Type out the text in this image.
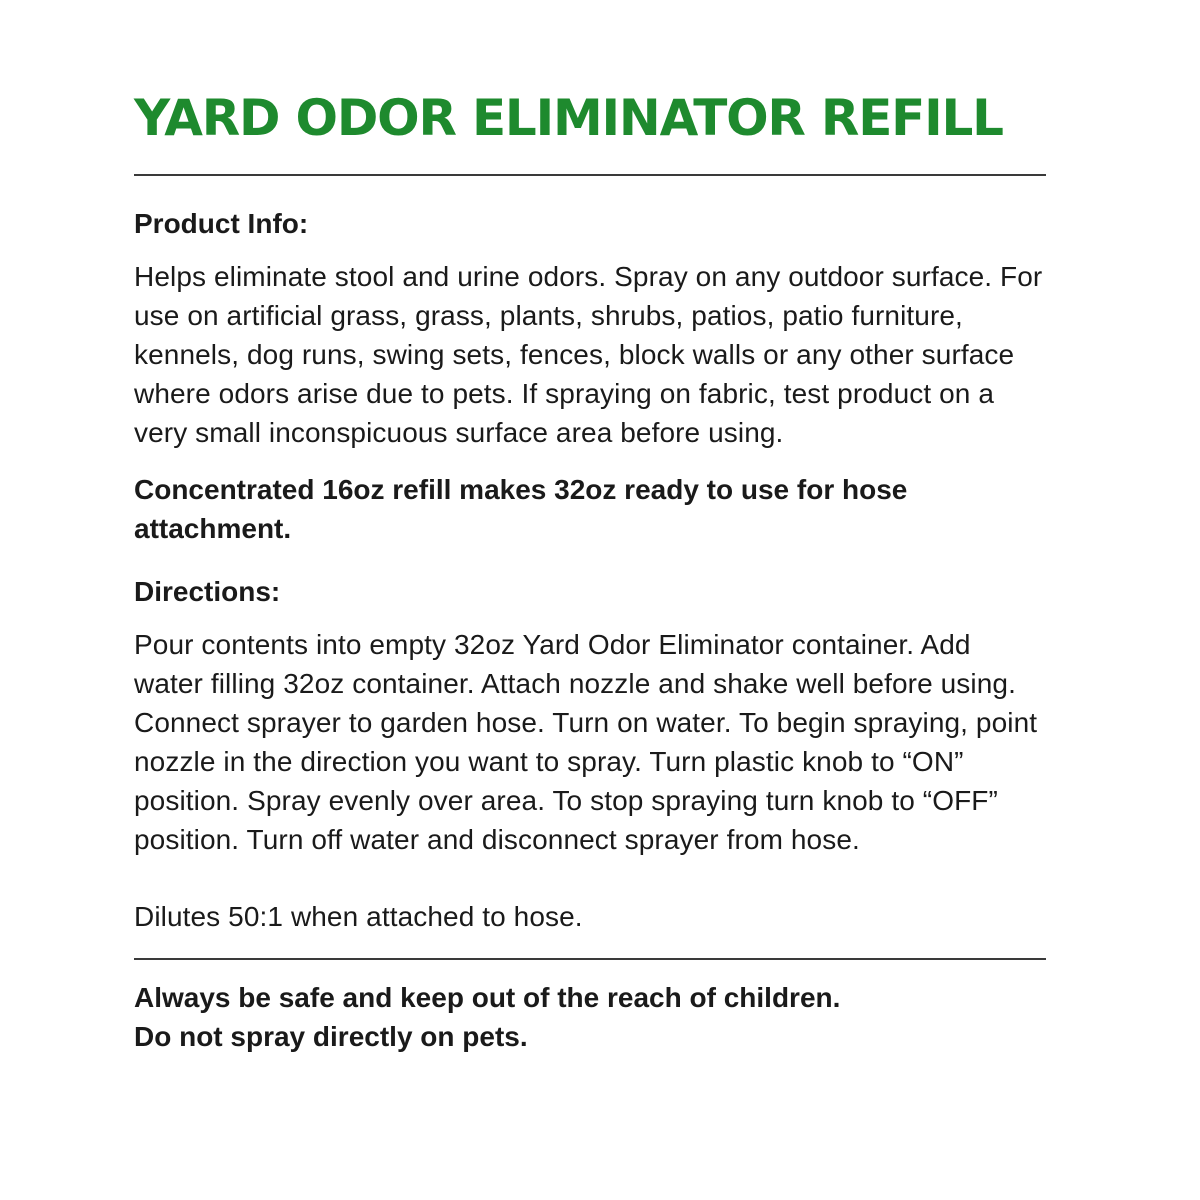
YARD ODOR ELIMINATOR REFILL
Product Info:

Helps eliminate stool and urine odors. Spray on any outdoor surface. For use on artificial grass, grass, plants, shrubs, patios, patio furniture, kennels, dog runs, swing sets, fences, block walls or any other surface where odors arise due to pets. If spraying on fabric, test product on a very small inconspicuous surface area before using.

Concentrated 16oz refill makes 32oz ready to use for hose attachment.

Directions:

Pour contents into empty 32oz Yard Odor Eliminator container. Add water filling 32oz container. Attach nozzle and shake well before using. Connect sprayer to garden hose. Turn on water. To begin spraying, point nozzle in the direction you want to spray. Turn plastic knob to “ON” position. Spray evenly over area. To stop spraying turn knob to “OFF” position. Turn off water and disconnect sprayer from hose.

Dilutes 50:1 when attached to hose.

Always be safe and keep out of the reach of children.
Do not spray directly on pets.
